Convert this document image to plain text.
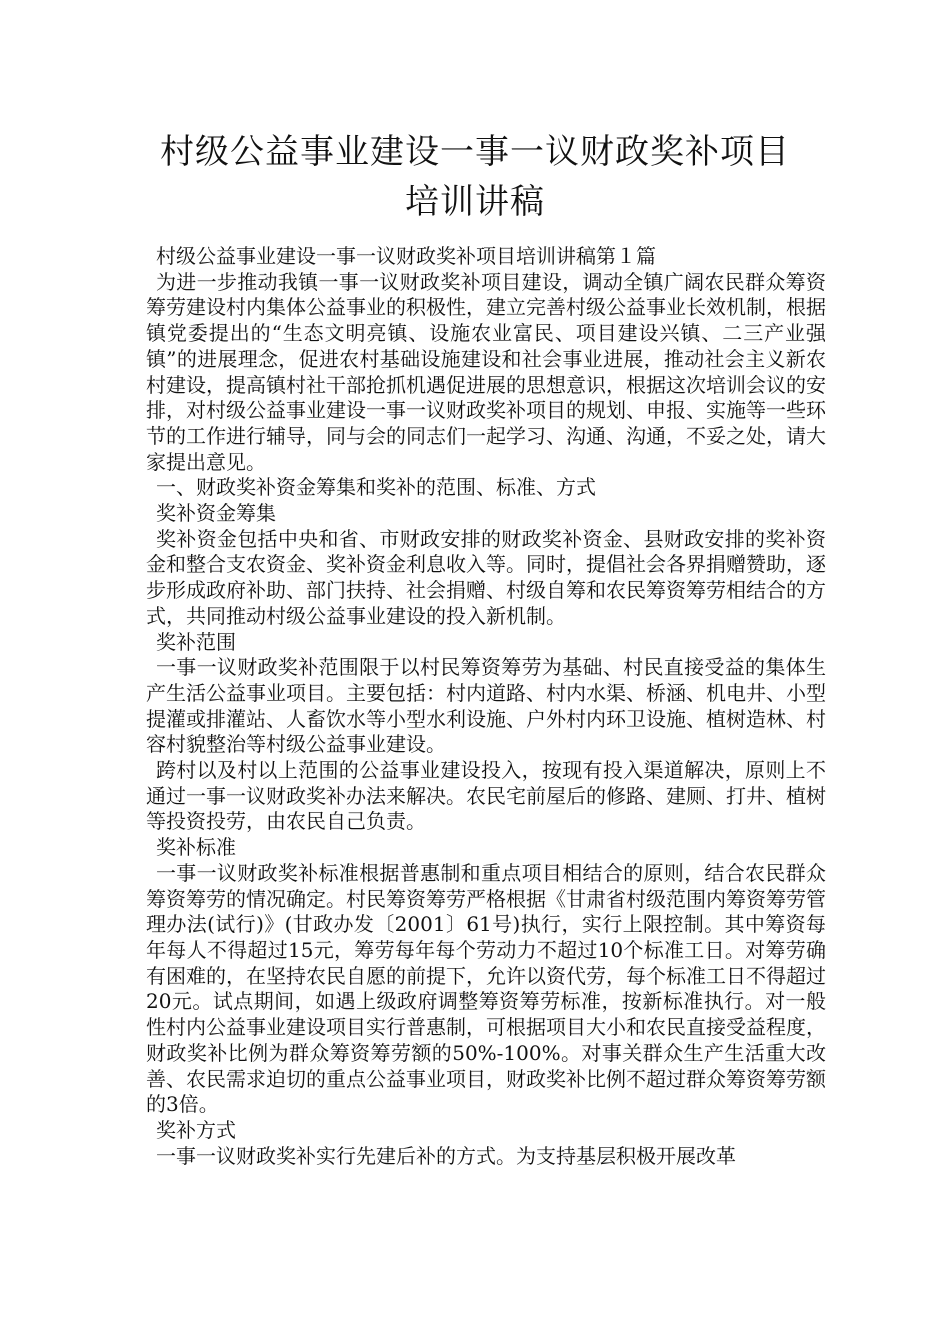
村级公益事业建设一事一议财政奖补项目
培训讲稿

村级公益事业建设一事一议财政奖补项目培训讲稿第１篇

为进一步推动我镇一事一议财政奖补项目建设，调动全镇广阔农民群众筹资筹劳建设村内集体公益事业的积极性，建立完善村级公益事业长效机制，根据镇党委提出的“生态文明亮镇、设施农业富民、项目建设兴镇、二三产业强镇”的进展理念，促进农村基础设施建设和社会事业进展，推动社会主义新农村建设，提高镇村社干部抢抓机遇促进展的思想意识，根据这次培训会议的安排，对村级公益事业建设一事一议财政奖补项目的规划、申报、实施等一些环节的工作进行辅导，同与会的同志们一起学习、沟通、沟通，不妥之处，请大家提出意见。

一、财政奖补资金筹集和奖补的范围、标准、方式

奖补资金筹集

奖补资金包括中央和省、市财政安排的财政奖补资金、县财政安排的奖补资金和整合支农资金、奖补资金利息收入等。同时，提倡社会各界捐赠赞助，逐步形成政府补助、部门扶持、社会捐赠、村级自筹和农民筹资筹劳相结合的方式，共同推动村级公益事业建设的投入新机制。

奖补范围

一事一议财政奖补范围限于以村民筹资筹劳为基础、村民直接受益的集体生产生活公益事业项目。主要包括：村内道路、村内水渠、桥涵、机电井、小型提灌或排灌站、人畜饮水等小型水利设施、户外村内环卫设施、植树造林、村容村貌整治等村级公益事业建设。

跨村以及村以上范围的公益事业建设投入，按现有投入渠道解决，原则上不通过一事一议财政奖补办法来解决。农民宅前屋后的修路、建厕、打井、植树等投资投劳，由农民自己负责。

奖补标准

一事一议财政奖补标准根据普惠制和重点项目相结合的原则，结合农民群众筹资筹劳的情况确定。村民筹资筹劳严格根据《甘肃省村级范围内筹资筹劳管理办法(试行)》(甘政办发〔2001〕61号)执行，实行上限控制。其中筹资每年每人不得超过15元，筹劳每年每个劳动力不超过10个标准工日。对筹劳确有困难的，在坚持农民自愿的前提下，允许以资代劳，每个标准工日不得超过20元。试点期间，如遇上级政府调整筹资筹劳标准，按新标准执行。对一般性村内公益事业建设项目实行普惠制，可根据项目大小和农民直接受益程度，财政奖补比例为群众筹资筹劳额的50%-100%。对事关群众生产生活重大改善、农民需求迫切的重点公益事业项目，财政奖补比例不超过群众筹资筹劳额的3倍。

奖补方式

一事一议财政奖补实行先建后补的方式。为支持基层积极开展改革
